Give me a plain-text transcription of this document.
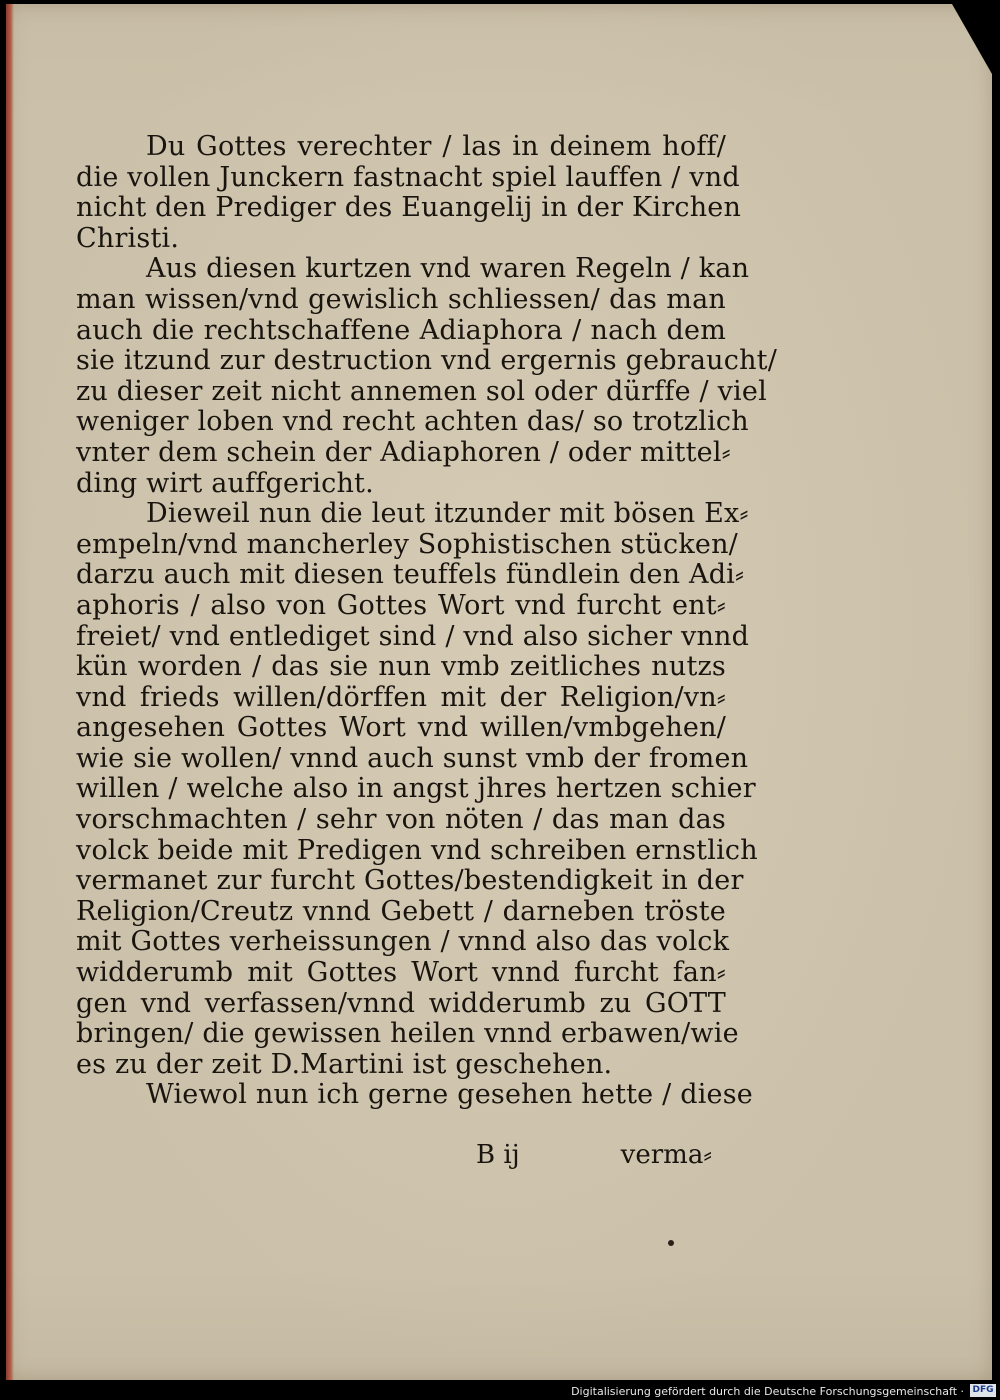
Du Gottes verechter / las in deinem hoff/
die vollen Junckern fastnacht spiel lauffen / vnd
nicht den Prediger des Euangelij in der Kirchen
Christi.
Aus diesen kurtzen vnd waren Regeln / kan
man wissen/vnd gewislich schliessen/ das man
auch die rechtschaffene Adiaphora / nach dem
sie itzund zur destruction vnd ergernis gebraucht/
zu dieser zeit nicht annemen sol oder dürffe / viel
weniger loben vnd recht achten das/ so trotzlich
vnter dem schein der Adiaphoren / oder mittel⸗
ding wirt auffgericht.
Dieweil nun die leut itzunder mit bösen Ex⸗
empeln/vnd mancherley Sophistischen stücken/
darzu auch mit diesen teuffels fündlein den Adi⸗
aphoris / also von Gottes Wort vnd furcht ent⸗
freiet/ vnd entlediget sind / vnd also sicher vnnd
kün worden / das sie nun vmb zeitliches nutzs
vnd frieds willen/dörffen mit der Religion/vn⸗
angesehen Gottes Wort vnd willen/vmbgehen/
wie sie wollen/ vnnd auch sunst vmb der fromen
willen / welche also in angst jhres hertzen schier
vorschmachten / sehr von nöten / das man das
volck beide mit Predigen vnd schreiben ernstlich
vermanet zur furcht Gottes/bestendigkeit in der
Religion/Creutz vnnd Gebett / darneben tröste
mit Gottes verheissungen / vnnd also das volck
widderumb mit Gottes Wort vnnd furcht fan⸗
gen vnd verfassen/vnnd widderumb zu GOTT
bringen/ die gewissen heilen vnnd erbawen/wie
es zu der zeit D.Martini ist geschehen.
Wiewol nun ich gerne gesehen hette / diese
B ij	verma⸗
Digitalisierung gefördert durch die Deutsche Forschungsgemeinschaft · DFG
